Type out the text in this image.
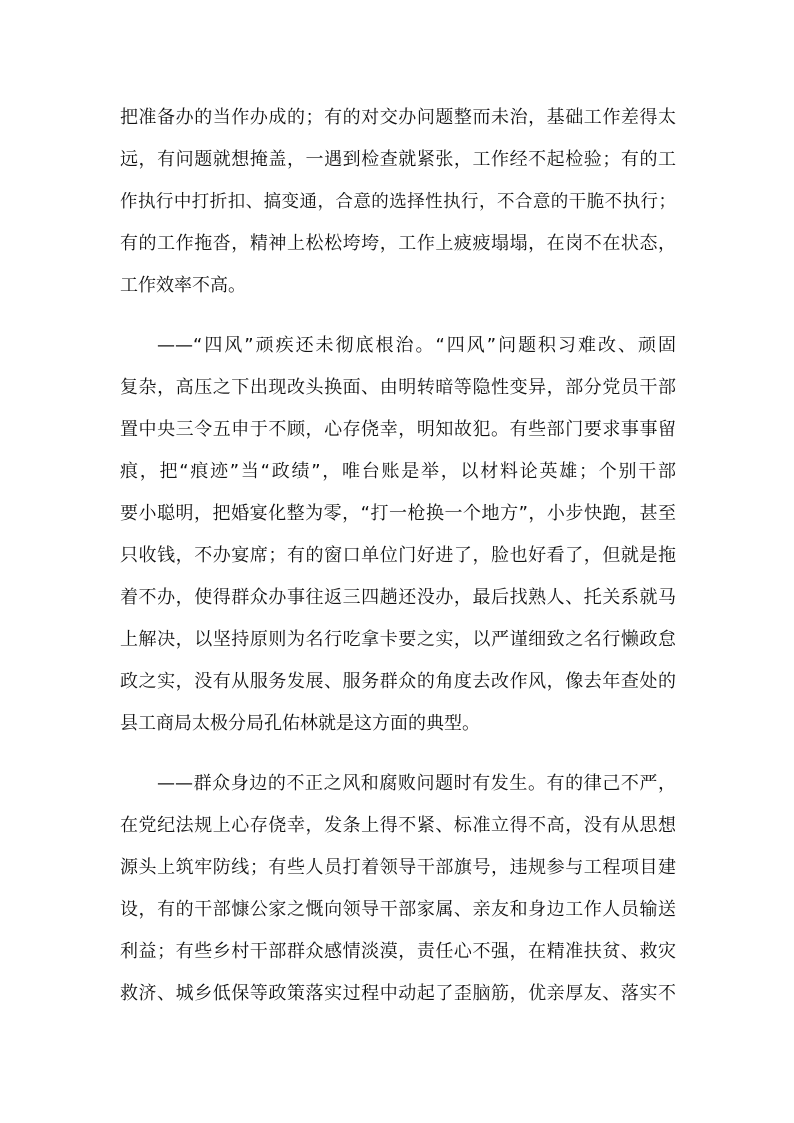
把准备办的当作办成的；有的对交办问题整而未治，基础工作差得太

远，有问题就想掩盖，一遇到检查就紧张，工作经不起检验；有的工

作执行中打折扣、搞变通，合意的选择性执行，不合意的干脆不执行；

有的工作拖沓，精神上松松垮垮，工作上疲疲塌塌，在岗不在状态，

工作效率不高。

——“四风”顽疾还未彻底根治。“四风”问题积习难改、顽固

复杂，高压之下出现改头换面、由明转暗等隐性变异，部分党员干部

置中央三令五申于不顾，心存侥幸，明知故犯。有些部门要求事事留

痕，把“痕迹”当“政绩”，唯台账是举，以材料论英雄；个别干部

要小聪明，把婚宴化整为零，“打一枪换一个地方”，小步快跑，甚至

只收钱，不办宴席；有的窗口单位门好进了，脸也好看了，但就是拖

着不办，使得群众办事往返三四趟还没办，最后找熟人、托关系就马

上解决，以坚持原则为名行吃拿卡要之实，以严谨细致之名行懒政怠

政之实，没有从服务发展、服务群众的角度去改作风，像去年查处的

县工商局太极分局孔佑林就是这方面的典型。

——群众身边的不正之风和腐败问题时有发生。有的律己不严，

在党纪法规上心存侥幸，发条上得不紧、标准立得不高，没有从思想

源头上筑牢防线；有些人员打着领导干部旗号，违规参与工程项目建

设，有的干部慷公家之慨向领导干部家属、亲友和身边工作人员输送

利益；有些乡村干部群众感情淡漠，责任心不强，在精准扶贫、救灾

救济、城乡低保等政策落实过程中动起了歪脑筋，优亲厚友、落实不
